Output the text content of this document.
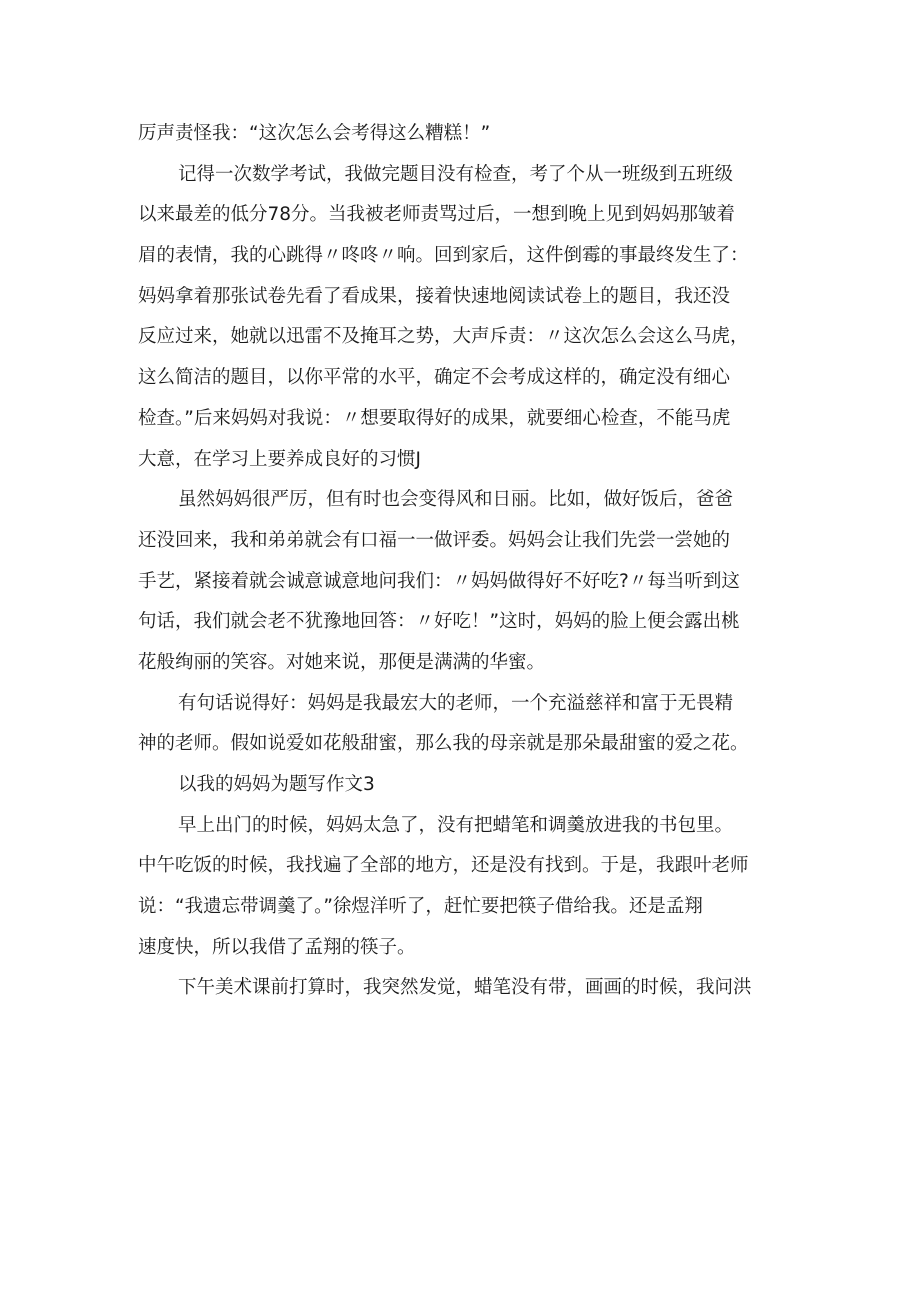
厉声责怪我：“这次怎么会考得这么糟糕！”
记得一次数学考试，我做完题目没有检查，考了个从一班级到五班级
以来最差的低分78分。当我被老师责骂过后，一想到晚上见到妈妈那皱着
眉的表情，我的心跳得〃咚咚〃响。回到家后，这件倒霉的事最终发生了：
妈妈拿着那张试卷先看了看成果，接着快速地阅读试卷上的题目，我还没
反应过来，她就以迅雷不及掩耳之势，大声斥责：〃这次怎么会这么马虎，
这么简洁的题目，以你平常的水平，确定不会考成这样的，确定没有细心
检查。”后来妈妈对我说：〃想要取得好的成果，就要细心检查，不能马虎
大意，在学习上要养成良好的习惯J
虽然妈妈很严厉，但有时也会变得风和日丽。比如，做好饭后，爸爸
还没回来，我和弟弟就会有口福一一做评委。妈妈会让我们先尝一尝她的
手艺，紧接着就会诚意诚意地问我们：〃妈妈做得好不好吃?〃每当听到这
句话，我们就会老不犹豫地回答：〃好吃！”这时，妈妈的脸上便会露出桃
花般绚丽的笑容。对她来说，那便是满满的华蜜。
有句话说得好：妈妈是我最宏大的老师，一个充溢慈祥和富于无畏精
神的老师。假如说爱如花般甜蜜，那么我的母亲就是那朵最甜蜜的爱之花。
以我的妈妈为题写作文3
早上出门的时候，妈妈太急了，没有把蜡笔和调羹放进我的书包里。
中午吃饭的时候，我找遍了全部的地方，还是没有找到。于是，我跟叶老师
说：“我遗忘带调羹了。”徐煜洋听了，赶忙要把筷子借给我。还是孟翔
速度快，所以我借了孟翔的筷子。
下午美术课前打算时，我突然发觉，蜡笔没有带，画画的时候，我问洪
